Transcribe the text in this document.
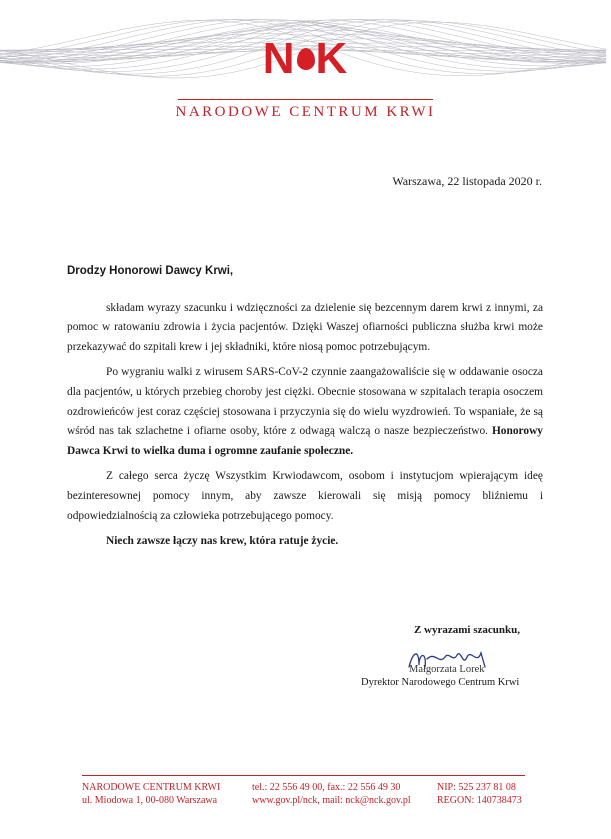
N K
NARODOWE CENTRUM KRWI
Warszawa, 22 listopada 2020 r.
Drodzy Honorowi Dawcy Krwi,

składam wyrazy szacunku i wdzięczności za dzielenie się bezcennym darem krwi z innymi, za pomoc w ratowaniu zdrowia i życia pacjentów. Dzięki Waszej ofiarności publiczna służba krwi może przekazywać do szpitali krew i jej składniki, które niosą pomoc potrzebującym.

Po wygraniu walki z wirusem SARS-CoV-2 czynnie zaangażowaliście się w oddawanie osocza dla pacjentów, u których przebieg choroby jest ciężki. Obecnie stosowana w szpitalach terapia osoczem ozdrowieńców jest coraz częściej stosowana i przyczynia się do wielu wyzdrowień. To wspaniałe, że są wśród nas tak szlachetne i ofiarne osoby, które z odwagą walczą o nasze bezpieczeństwo. Honorowy Dawca Krwi to wielka duma i ogromne zaufanie społeczne.

Z całego serca życzę Wszystkim Krwiodawcom, osobom i instytucjom wpierającym ideę bezinteresownej pomocy innym, aby zawsze kierowali się misją pomocy bliźniemu i odpowiedzialnością za człowieka potrzebującego pomocy.

Niech zawsze łączy nas krew, która ratuje życie.

Z wyrazami szacunku,
Małgorzata Lorek
Dyrektor Narodowego Centrum Krwi
NARODOWE CENTRUM KRWI
ul. Miodowa 1, 00-080 Warszawa
tel.: 22 556 49 00, fax.: 22 556 49 30
www.gov.pl/nck, mail: nck@nck.gov.pl
NIP: 525 237 81 08
REGON: 140738473
